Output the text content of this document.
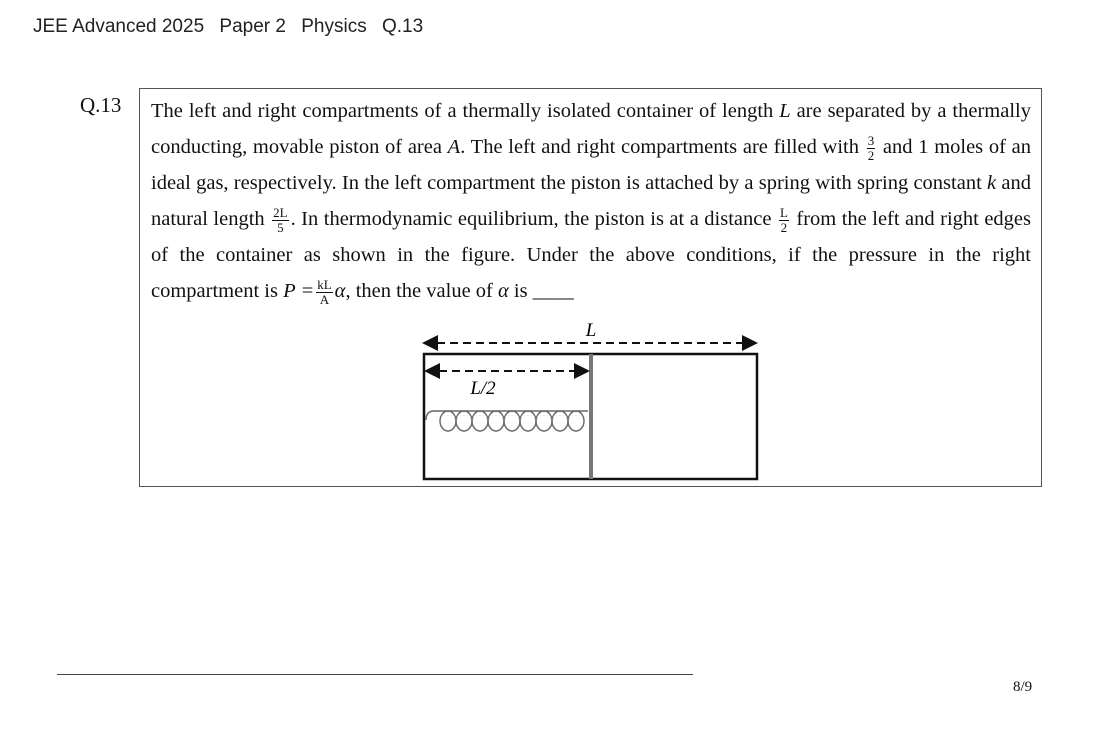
JEE Advanced 2025 Paper 2 Physics Q.13
Q.13 The left and right compartments of a thermally isolated container of length L are separated by a thermally conducting, movable piston of area A. The left and right compartments are filled with $\frac{3}{2}$ and 1 moles of an ideal gas, respectively. In the left compartment the piston is attached by a spring with spring constant k and natural length $\frac{2L}{5}$ . In thermodynamic equilibrium, the piston is at a distance $\frac{L}{2}$ from the left and right edges of the container as shown in the figure. Under the above conditions, if the pressure in the right compartment is $P = \frac{kL}{A} \alpha$, then the value of α is ____
L
L/2
8/9
